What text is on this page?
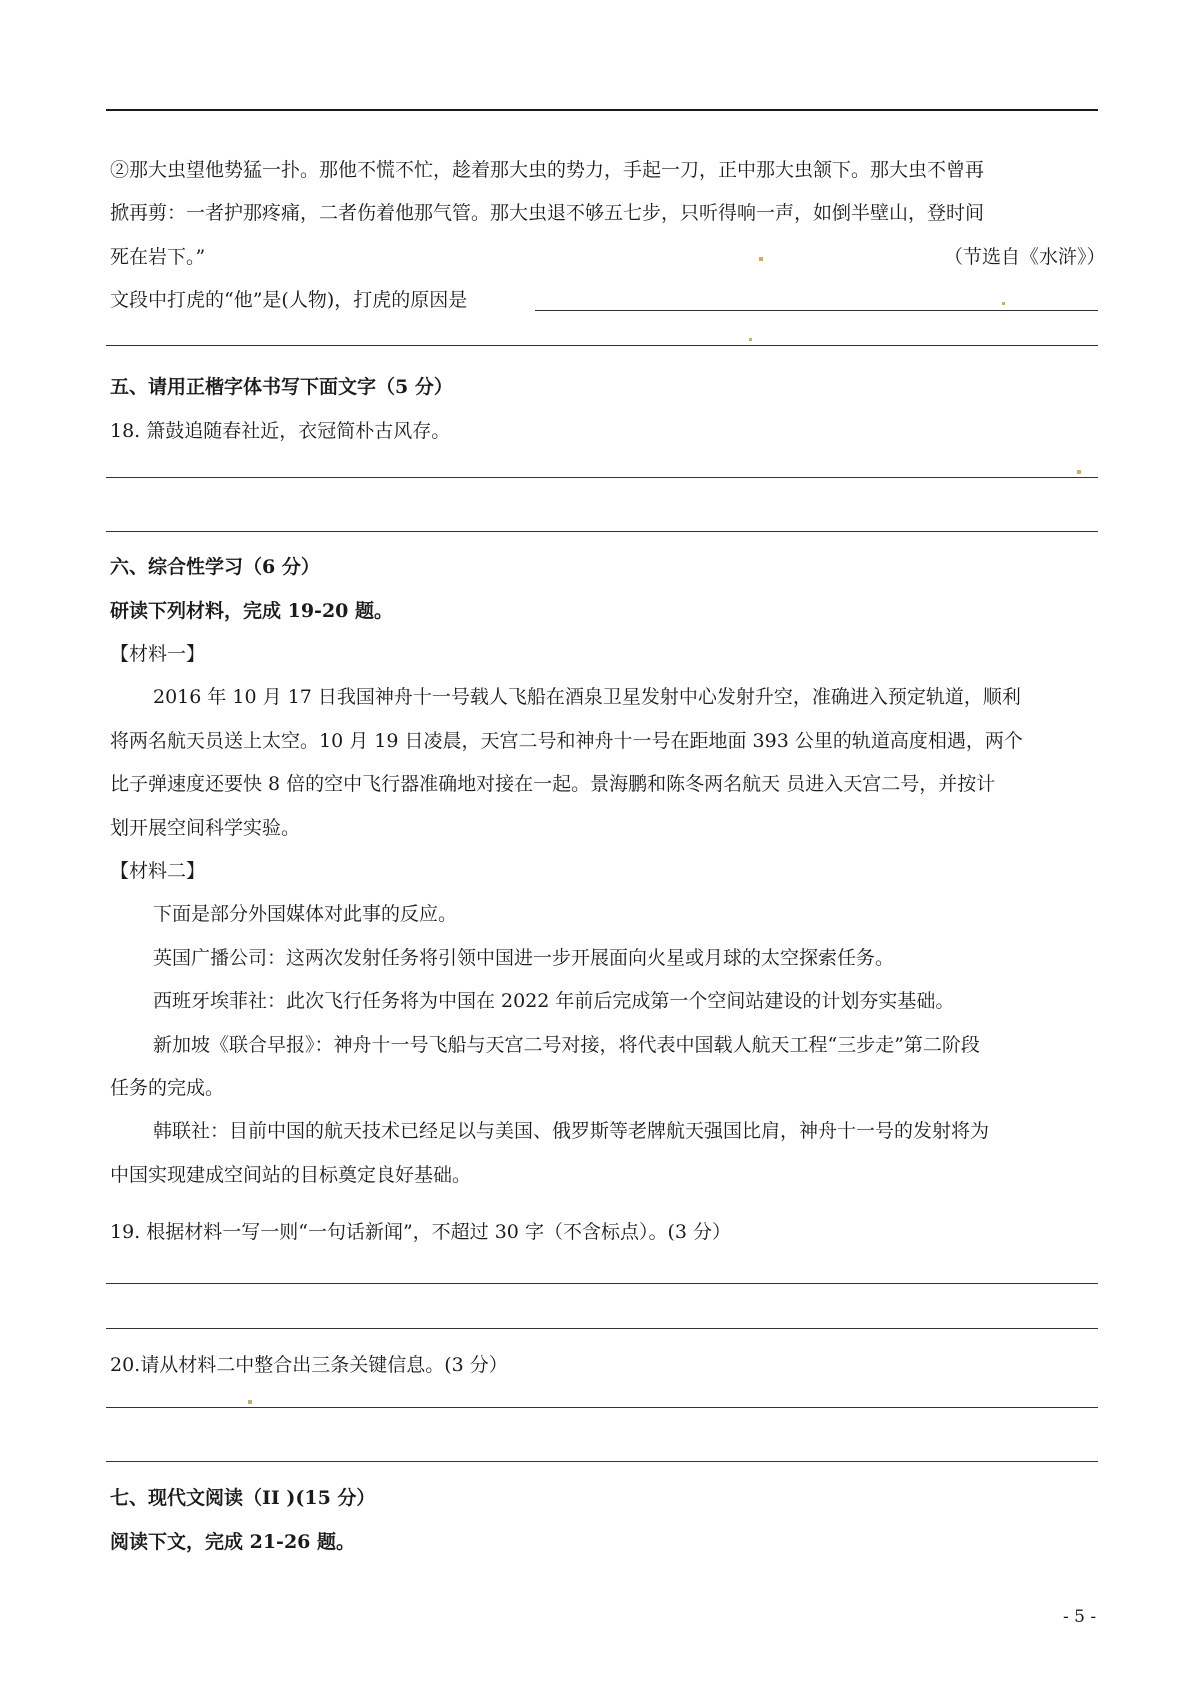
②那大虫望他势猛一扑。那他不慌不忙，趁着那大虫的势力，手起一刀，正中那大虫颔下。那大虫不曾再
掀再剪：一者护那疼痛，二者伤着他那气管。那大虫退不够五七步，只听得响一声，如倒半壁山，登时间
死在岩下。”	（节选自《水浒》）
文段中打虎的“他”是(人物)，打虎的原因是
五、请用正楷字体书写下面文字（5 分）
18. 箫鼓追随春社近，衣冠简朴古风存。
六、综合性学习（6 分）
研读下列材料，完成 19-20 题。
【材料一】
2016 年 10 月 17 日我国神舟十一号载人飞船在酒泉卫星发射中心发射升空，准确进入预定轨道，顺利
将两名航天员送上太空。10 月 19 日凌晨，天宫二号和神舟十一号在距地面 393 公里的轨道高度相遇，两个
比子弹速度还要快 8 倍的空中飞行器准确地对接在一起。景海鹏和陈冬两名航天 员进入天宫二号，并按计
划开展空间科学实验。
【材料二】
下面是部分外国媒体对此事的反应。
英国广播公司：这两次发射任务将引领中国进一步开展面向火星或月球的太空探索任务。
西班牙埃菲社：此次飞行任务将为中国在 2022 年前后完成第一个空间站建设的计划夯实基础。
新加坡《联合早报》：神舟十一号飞船与天宫二号对接，将代表中国载人航天工程“三步走”第二阶段
任务的完成。
韩联社：目前中国的航天技术已经足以与美国、俄罗斯等老牌航天强国比肩，神舟十一号的发射将为
中国实现建成空间站的目标奠定良好基础。
19. 根据材料一写一则“一句话新闻”，不超过 30 字（不含标点）。(3 分）
20.请从材料二中整合出三条关键信息。(3 分）
七、现代文阅读（II )(15 分）
阅读下文，完成 21-26 题。
- 5 -
